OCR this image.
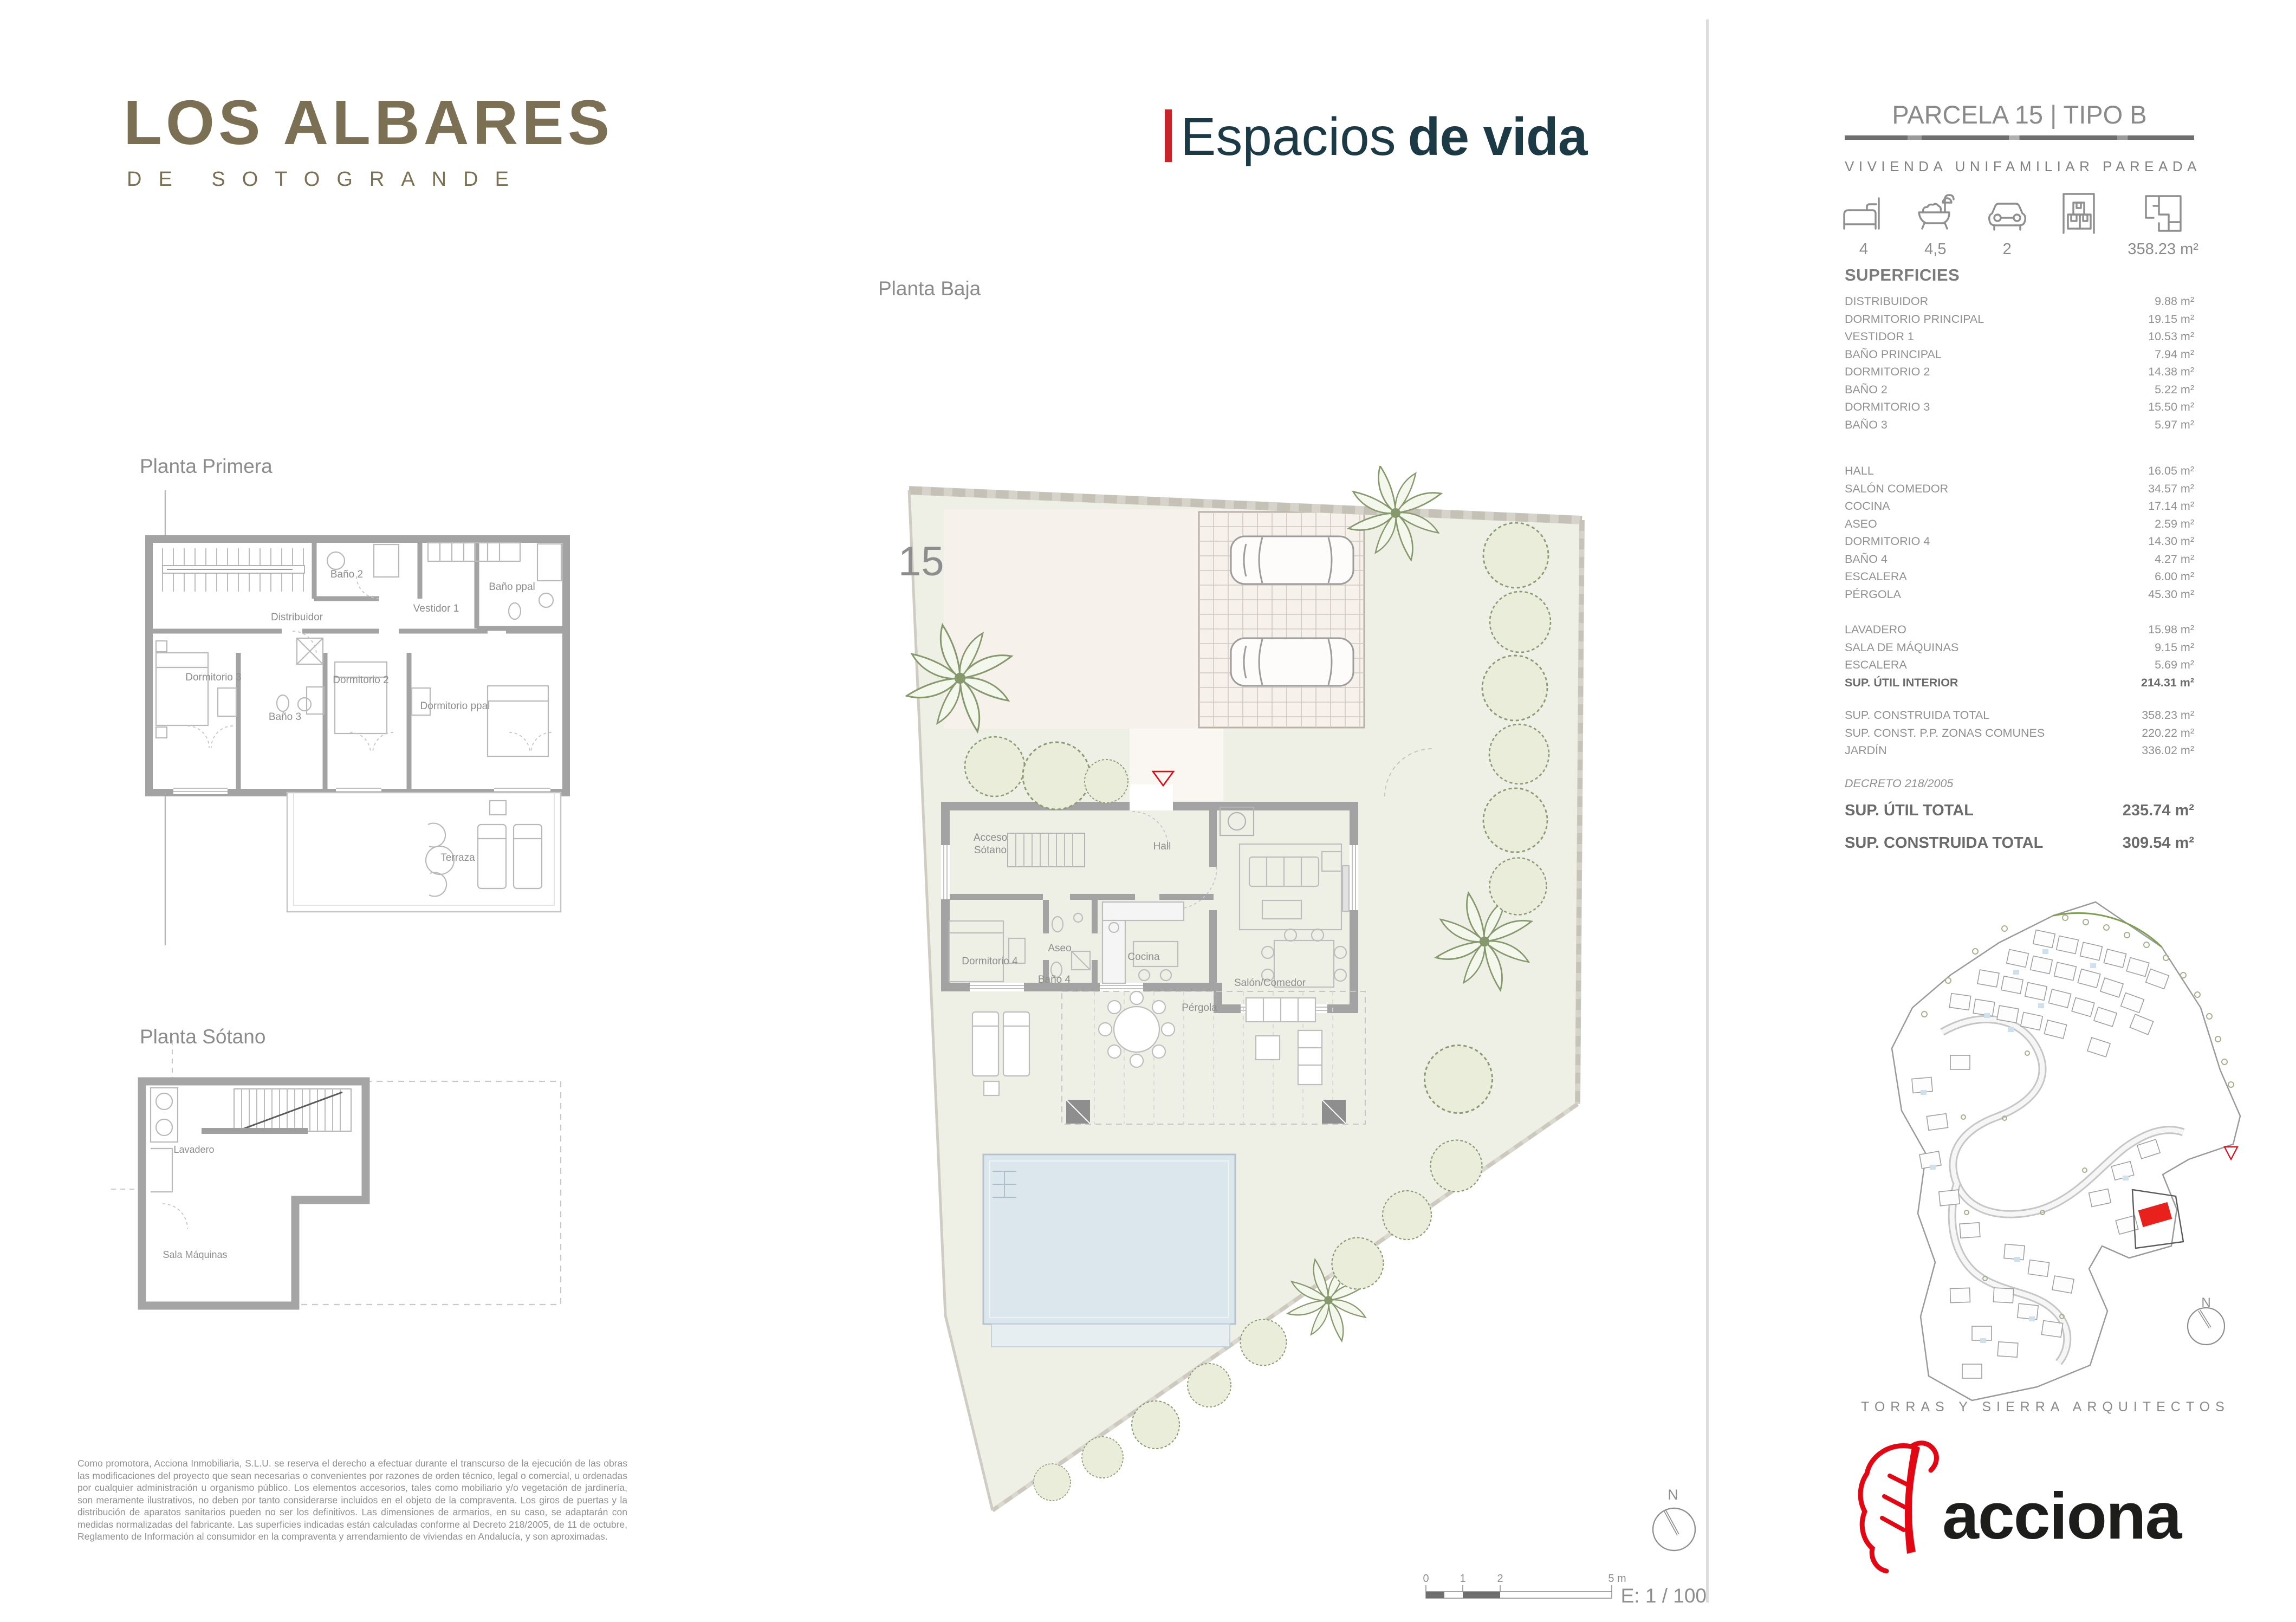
LOS ALBARES
DE SOTOGRANDE
Espacios de vida
Planta Baja
Planta Primera
Planta Sótano
Baño 2
Baño ppal
Distribuidor
Vestidor 1
Dormitorio 3	Dormitorio 2
Dormitorio ppal
Baño 3
Terraza
Lavadero
Sala Máquinas
15
Acceso
Sótano	Hall
Aseo
Cocina
Dormitorio 4
Baño 4	Salón/Comedor
Pérgola
PARCELA 15 | TIPO B
VIVIENDA UNIFAMILIAR PAREADA
4	4,5	2	358.23 m²
SUPERFICIES
DISTRIBUIDOR	9.88 m²
DORMITORIO PRINCIPAL	19.15 m²
VESTIDOR 1	10.53 m²
BAÑO PRINCIPAL	7.94 m²
DORMITORIO 2	14.38 m²
BAÑO 2	5.22 m²
DORMITORIO 3	15.50 m²
BAÑO 3	5.97 m²
HALL	16.05 m²
SALÓN COMEDOR	34.57 m²
COCINA	17.14 m²
ASEO	2.59 m²
DORMITORIO 4	14.30 m²
BAÑO 4	4.27 m²
ESCALERA	6.00 m²
PÉRGOLA	45.30 m²
LAVADERO	15.98 m²
SALA DE MÁQUINAS	9.15 m²
ESCALERA	5.69 m²
SUP. ÚTIL INTERIOR	214.31 m²
SUP. CONSTRUIDA TOTAL	358.23 m²
SUP. CONST. P.P. ZONAS COMUNES	220.22 m²
JARDÍN	336.02 m²
DECRETO 218/2005
SUP. ÚTIL TOTAL	235.74 m²
SUP. CONSTRUIDA TOTAL	309.54 m²
N
TORRAS Y SIERRA ARQUITECTOS
acciona
Como promotora, Acciona Inmobiliaria, S.L.U. se reserva el derecho a efectuar durante el transcurso de la ejecución de las obras las modificaciones del proyecto que sean necesarias o convenientes por razones de orden técnico, legal o comercial, u ordenadas por cualquier administración u organismo público. Los elementos accesorios, tales como mobiliario y/o vegetación de jardinería, son meramente ilustrativos, no deben por tanto considerarse incluidos en el objeto de la compraventa. Los giros de puertas y la distribución de aparatos sanitarios pueden no ser los definitivos. Las dimensiones de armarios, en su caso, se adaptarán con medidas normalizadas del fabricante. Las superficies indicadas están calculadas conforme al Decreto 218/2005, de 11 de octubre, Reglamento de Información al consumidor en la compraventa y arrendamiento de viviendas en Andalucía, y son aproximadas.
N
0	1	2	5 m
E: 1 / 100
